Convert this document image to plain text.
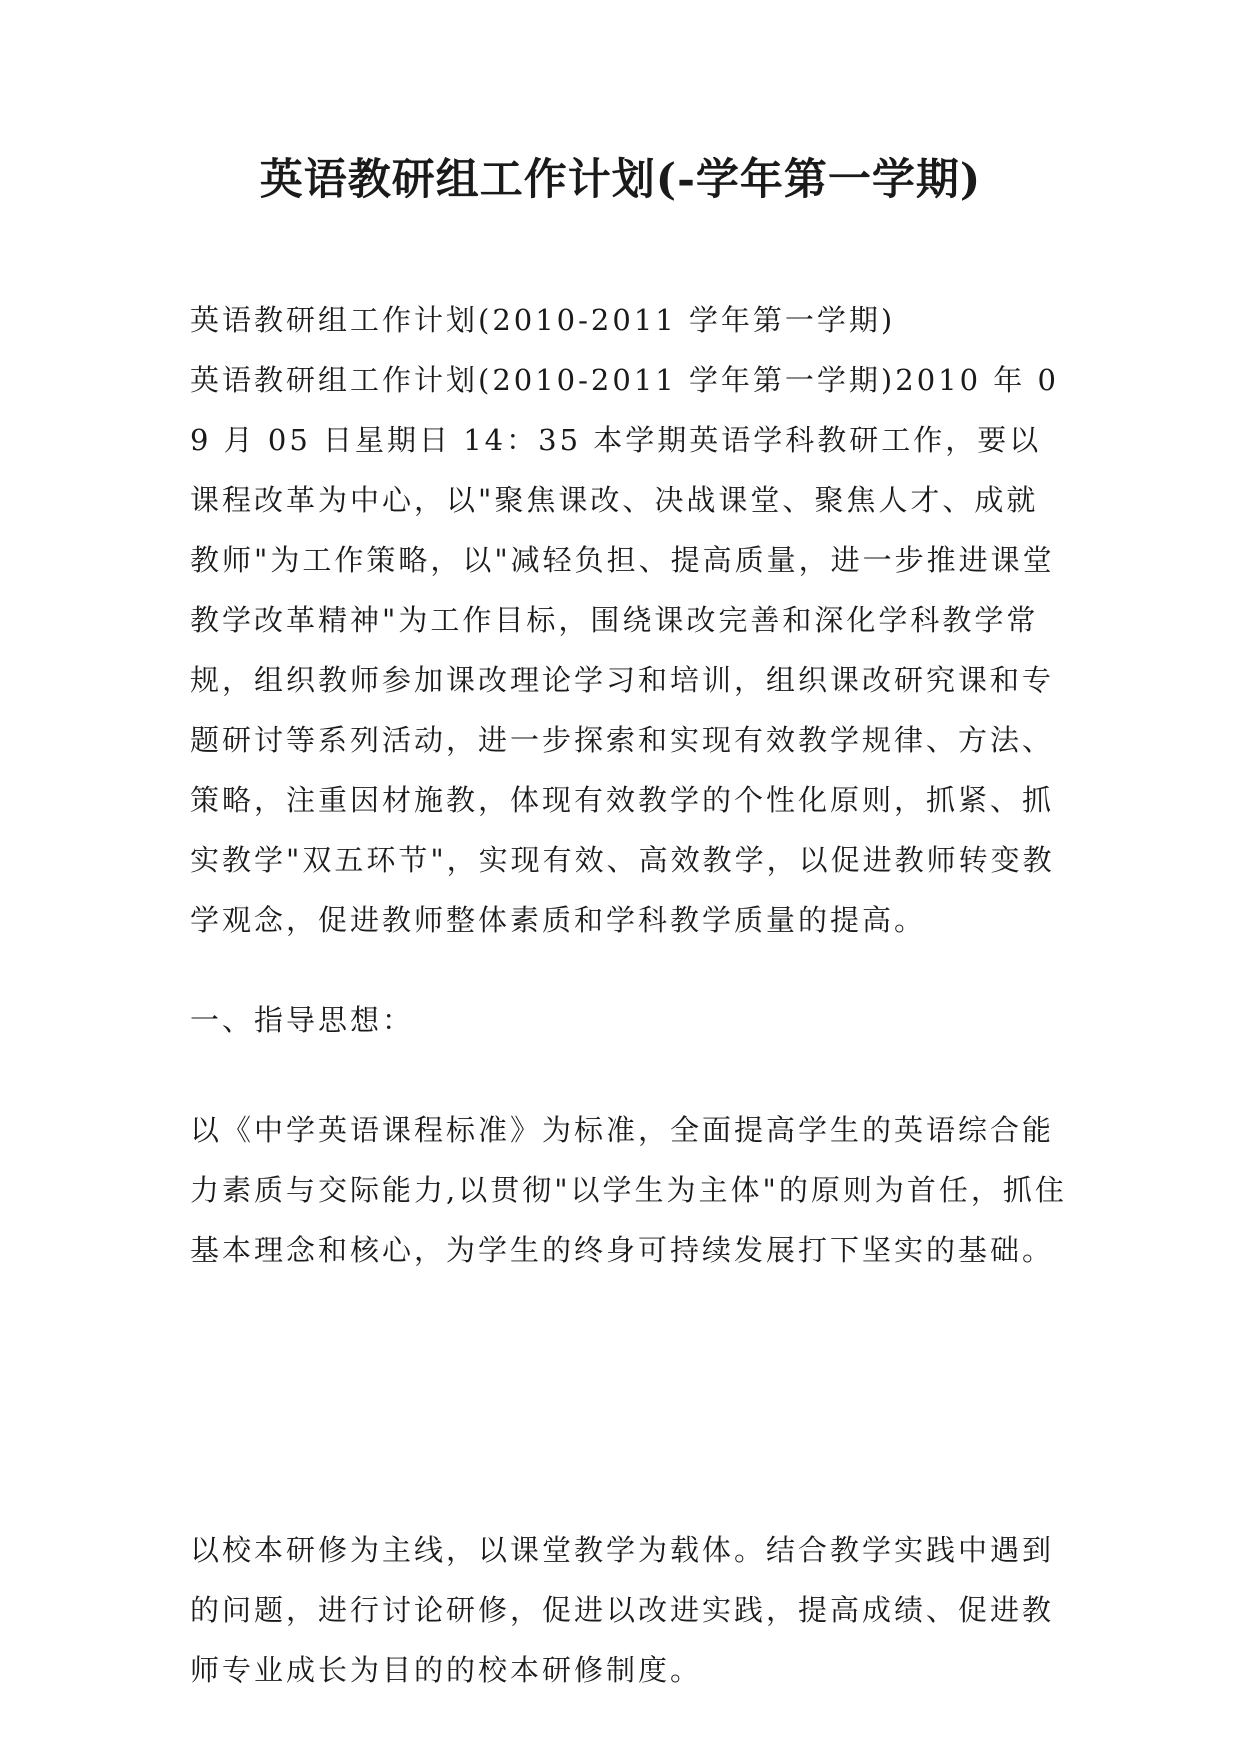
英语教研组工作计划(-学年第一学期)

英语教研组工作计划(2010-2011 学年第一学期)

英语教研组工作计划(2010-2011 学年第一学期)2010 年 09 月 05 日星期日 14：35 本学期英语学科教研工作，要以课程改革为中心，以"聚焦课改、决战课堂、聚焦人才、成就教师"为工作策略，以"减轻负担、提高质量，进一步推进课堂教学改革精神"为工作目标，围绕课改完善和深化学科教学常规，组织教师参加课改理论学习和培训，组织课改研究课和专题研讨等系列活动，进一步探索和实现有效教学规律、方法、策略，注重因材施教，体现有效教学的个性化原则，抓紧、抓实教学"双五环节"，实现有效、高效教学，以促进教师转变教学观念，促进教师整体素质和学科教学质量的提高。

一、指导思想：

以《中学英语课程标准》为标准，全面提高学生的英语综合能力素质与交际能力,以贯彻"以学生为主体"的原则为首任，抓住基本理念和核心，为学生的终身可持续发展打下坚实的基础。

以校本研修为主线，以课堂教学为载体。结合教学实践中遇到的问题，进行讨论研修，促进以改进实践，提高成绩、促进教师专业成长为目的的校本研修制度。
